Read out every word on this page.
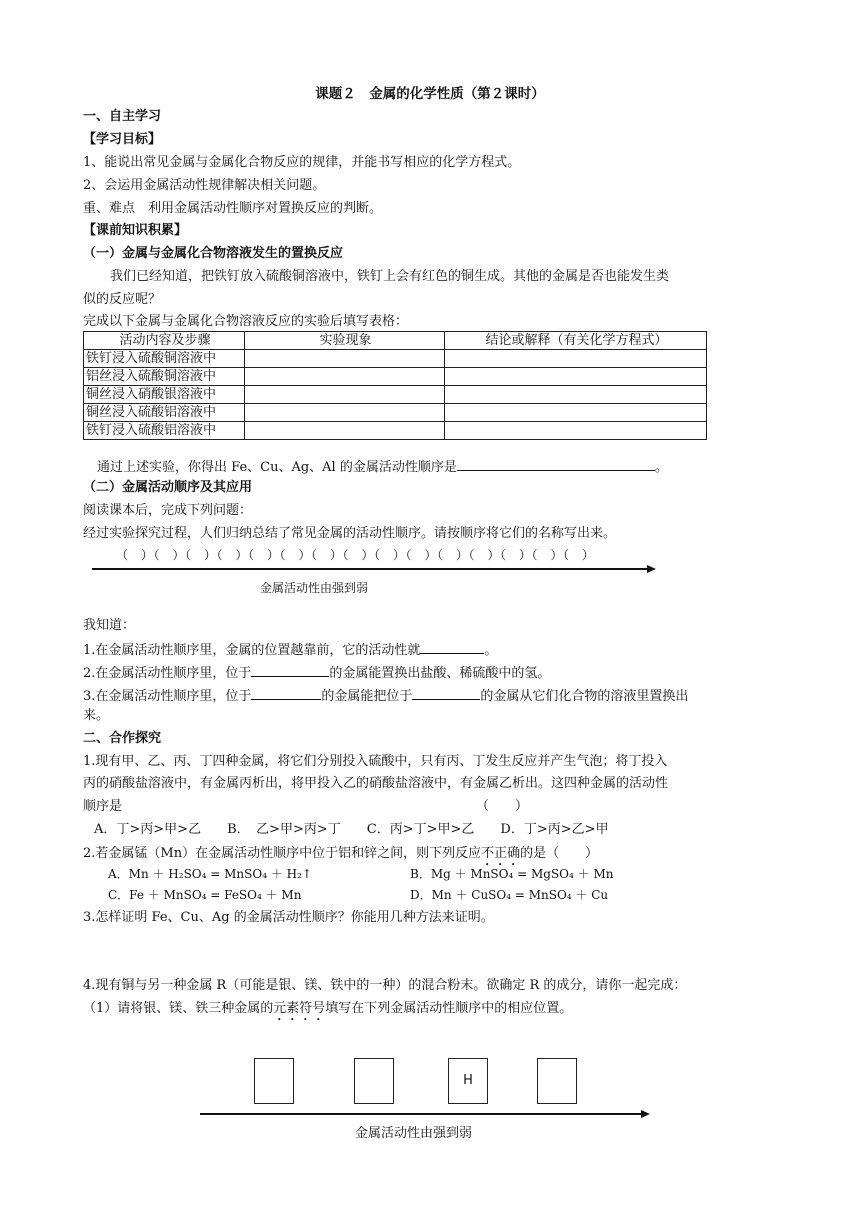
课题２　金属的化学性质（第２课时）
一、自主学习
【学习目标】
1、能说出常见金属与金属化合物反应的规律，并能书写相应的化学方程式。
2、会运用金属活动性规律解决相关问题。
重、难点　利用金属活动性顺序对置换反应的判断。
【课前知识积累】
（一）金属与金属化合物溶液发生的置换反应
我们已经知道，把铁钉放入硫酸铜溶液中，铁钉上会有红色的铜生成。其他的金属是否也能发生类
似的反应呢？
完成以下金属与金属化合物溶液反应的实验后填写表格：
活动内容及步骤	实验现象	结论或解释（有关化学方程式）
铁钉浸入硫酸铜溶液中		
铝丝浸入硫酸铜溶液中		
铜丝浸入硝酸银溶液中		
铜丝浸入硫酸铝溶液中		
铁钉浸入硫酸铝溶液中		
通过上述实验，你得出 Fe、Cu、Ag、Al 的金属活动性顺序是	。
（二）金属活动顺序及其应用
阅读课本后，完成下列问题：
经过实验探究过程，人们归纳总结了常见金属的活动性顺序。请按顺序将它们的名称写出来。
（　）（　）（　）（　）（　）（　）（　）（　）（　）（　）（　）（　）（　）（　）（　）
金属活动性由强到弱
我知道：
1.在金属活动性顺序里，金属的位置越靠前，它的活动性就	。
2.在金属活动性顺序里，位于	的金属能置换出盐酸、稀硫酸中的氢。
3.在金属活动性顺序里，位于	的金属能把位于	的金属从它们化合物的溶液里置换出
来。
二、合作探究
1.现有甲、乙、丙、丁四种金属，将它们分别投入硫酸中，只有丙、丁发生反应并产生气泡；将丁投入
丙的硝酸盐溶液中，有金属丙析出，将甲投入乙的硝酸盐溶液中，有金属乙析出。这四种金属的活动性
顺序是	（　　）
A．丁>丙>甲>乙　　B．　乙>甲>丙>丁　　C．丙>丁>甲>乙　　D．丁>丙>乙>甲
2.若金属锰（Mn）在金属活动性顺序中位于铝和锌之间，则下列反应不正确的是（　　）
A．Mn ＋ H₂SO₄ = MnSO₄ ＋ H₂↑	B．Mg ＋ MnSO₄ = MgSO₄ ＋ Mn
C．Fe ＋ MnSO₄ = FeSO₄ ＋ Mn	D．Mn ＋ CuSO₄ = MnSO₄ ＋ Cu
3.怎样证明 Fe、Cu、Ag 的金属活动性顺序？你能用几种方法来证明。
4.现有铜与另一种金属 R（可能是银、镁、铁中的一种）的混合粉末。欲确定 R 的成分，请你一起完成：
（1）请将银、镁、铁三种金属的元素符号填写在下列金属活动性顺序中的相应位置。
H
金属活动性由强到弱
